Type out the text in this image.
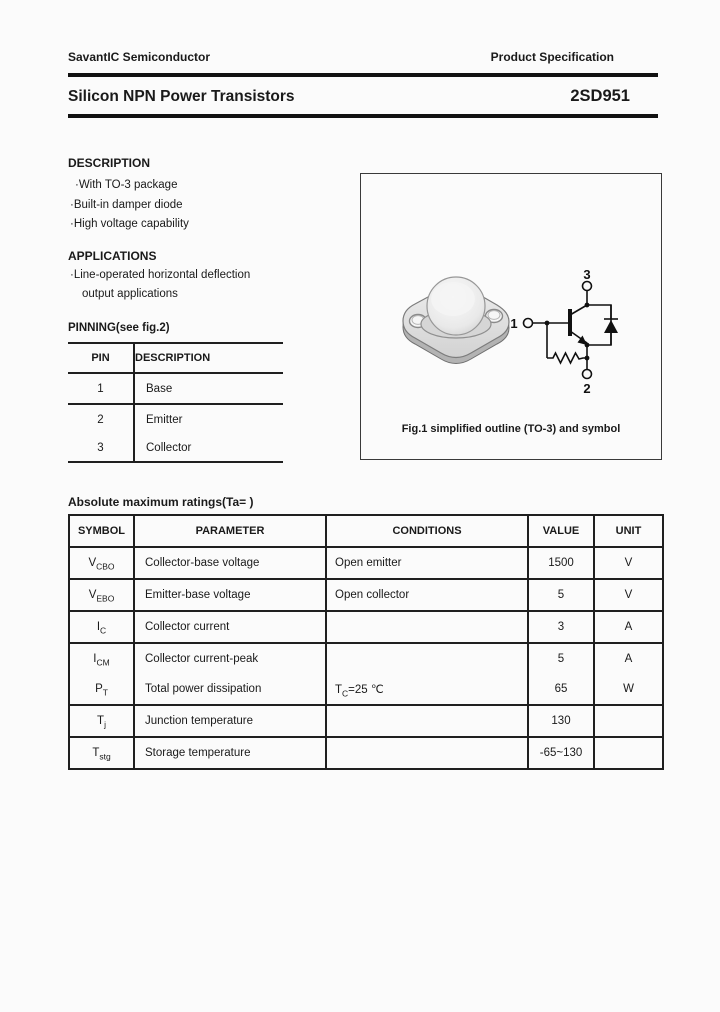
SavantIC Semiconductor	Product Specification
Silicon NPN Power Transistors	2SD951
DESCRIPTION
·With TO-3 package
·Built-in damper diode
·High voltage capability
APPLICATIONS
·Line-operated horizontal deflection
output applications
PINNING(see fig.2)
PIN	DESCRIPTION
1	Base
2	Emitter
3	Collector
3
1
2
Fig.1 simplified outline (TO-3) and symbol
Absolute maximum ratings(Ta= )
SYMBOL	PARAMETER	CONDITIONS	VALUE	UNIT
$V_{CBO}$	Collector-base voltage	Open emitter	1500	V
$V_{EBO}$	Emitter-base voltage	Open collector	5	V
$I_C$	Collector current		3	A
$I_{CM}$	Collector current-peak		5	A
$P_T$	Total power dissipation	$T_C=25$ ℃	65	W
$T_j$	Junction temperature		130	
$T_{stg}$	Storage temperature		-65~130	
